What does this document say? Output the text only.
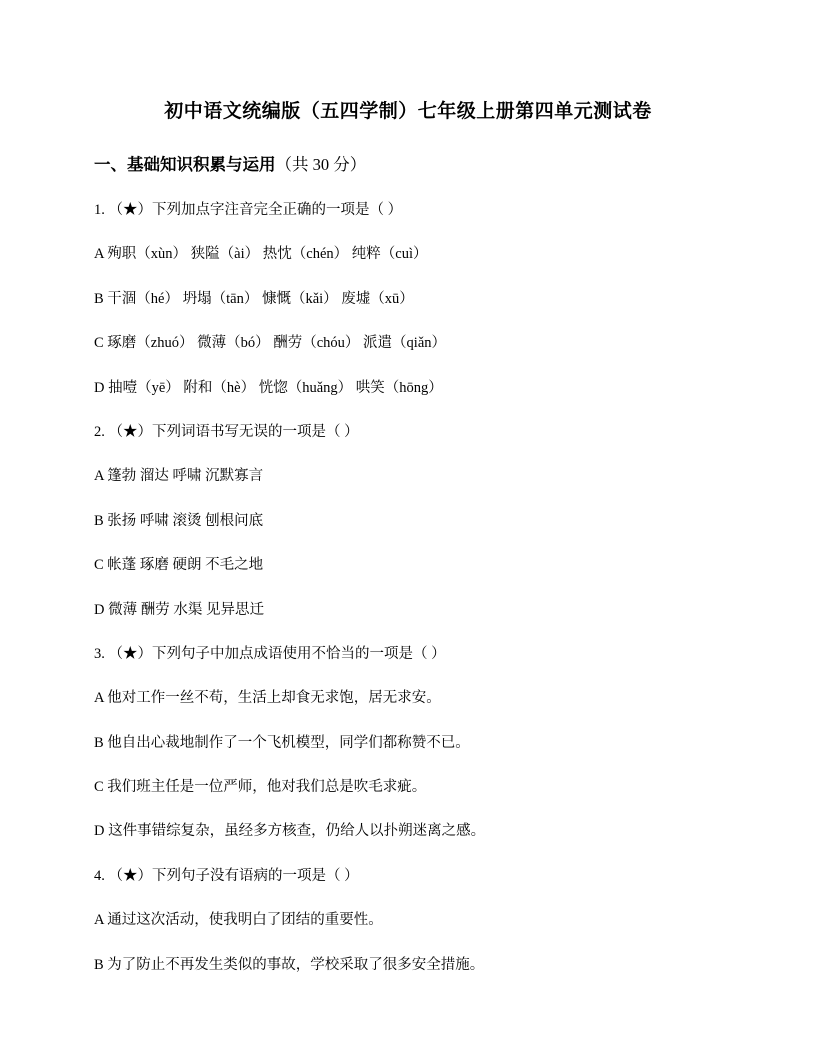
初中语文统编版（五四学制）七年级上册第四单元测试卷
一、基础知识积累与运用（共 30 分）
1. （★）下列加点字注音完全正确的一项是（ ）
A 殉职（xùn） 狭隘（ài） 热忱（chén） 纯粹（cuì）
B 干涸（hé） 坍塌（tān） 慷慨（kǎi） 废墟（xū）
C 琢磨（zhuó） 微薄（bó） 酬劳（chóu） 派遣（qiǎn）
D 抽噎（yē） 附和（hè） 恍惚（huǎng） 哄笑（hōng）
2. （★）下列词语书写无误的一项是（ ）
A 篷勃 溜达 呼啸 沉默寡言
B 张扬 呼啸 滚烫 刨根问底
C 帐蓬 琢磨 硬朗 不毛之地
D 微薄 酬劳 水渠 见异思迁
3. （★）下列句子中加点成语使用不恰当的一项是（ ）
A 他对工作一丝不苟，生活上却食无求饱，居无求安。
B 他自出心裁地制作了一个飞机模型，同学们都称赞不已。
C 我们班主任是一位严师，他对我们总是吹毛求疵。
D 这件事错综复杂，虽经多方核查，仍给人以扑朔迷离之感。
4. （★）下列句子没有语病的一项是（ ）
A 通过这次活动，使我明白了团结的重要性。
B 为了防止不再发生类似的事故，学校采取了很多安全措施。
